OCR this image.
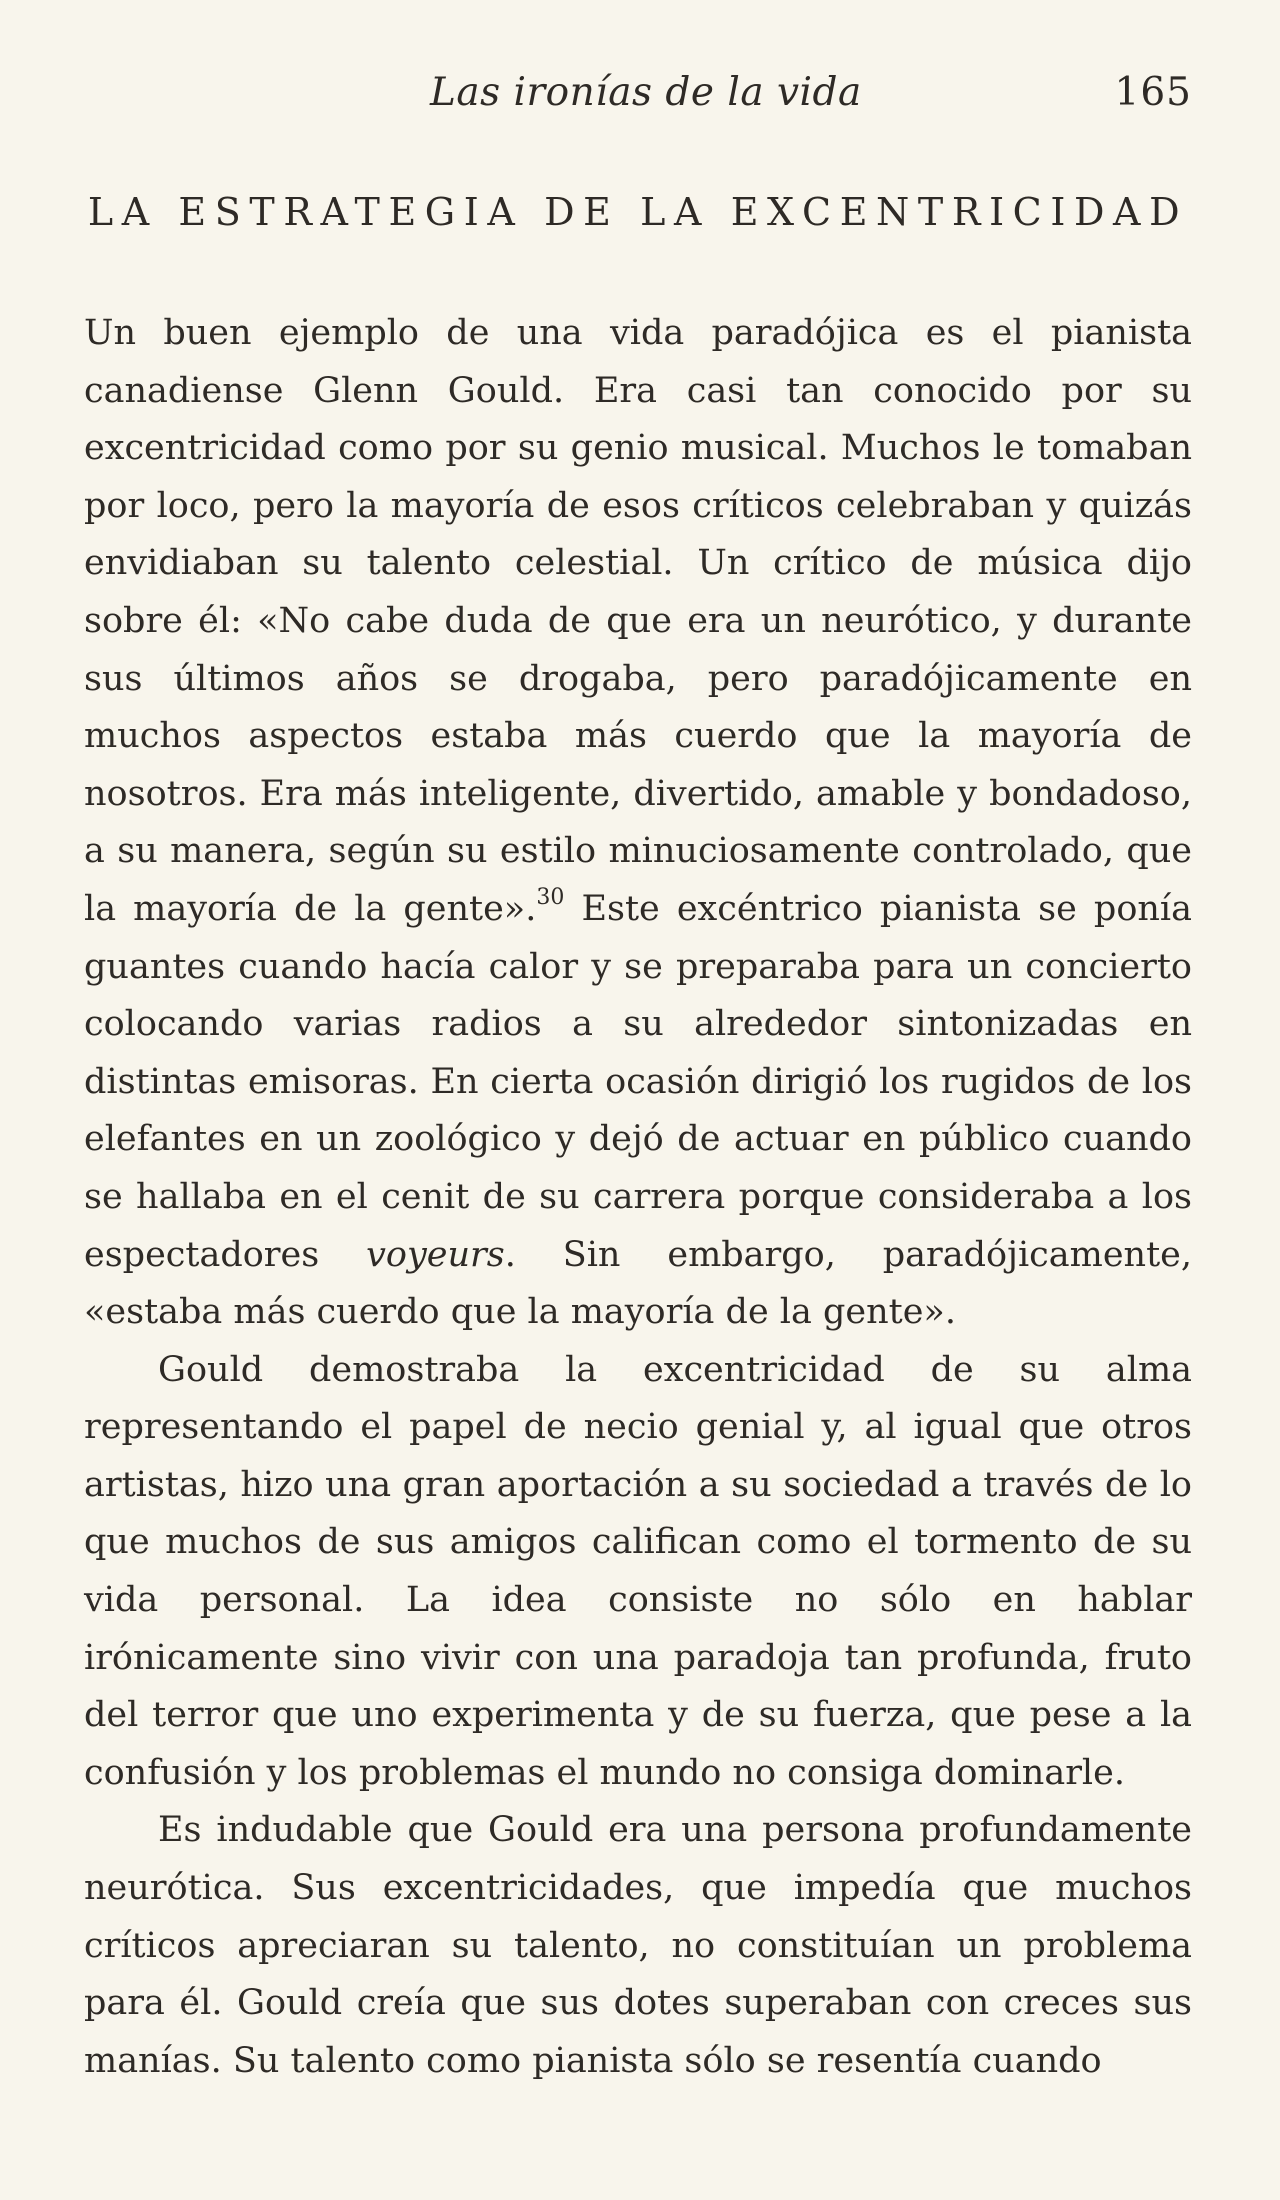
Las ironías de la vida	165
LA ESTRATEGIA DE LA EXCENTRICIDAD

Un buen ejemplo de una vida paradójica es el pianista canadiense Glenn Gould. Era casi tan conocido por su excentricidad como por su genio musical. Muchos le tomaban por loco, pero la mayoría de esos críticos celebraban y quizás envidiaban su talento celestial. Un crítico de música dijo sobre él: «No cabe duda de que era un neurótico, y durante sus últimos años se drogaba, pero paradójicamente en muchos aspectos estaba más cuerdo que la mayoría de nosotros. Era más inteligente, divertido, amable y bondadoso, a su manera, según su estilo minuciosamente controlado, que la mayoría de la gente».$^{30}$ Este excéntrico pianista se ponía guantes cuando hacía calor y se preparaba para un concierto colocando varias radios a su alrededor sintonizadas en distintas emisoras. En cierta ocasión dirigió los rugidos de los elefantes en un zoológico y dejó de actuar en público cuando se hallaba en el cenit de su carrera porque consideraba a los espectadores voyeurs. Sin embargo, paradójicamente, «estaba más cuerdo que la mayoría de la gente».

Gould demostraba la excentricidad de su alma representando el papel de necio genial y, al igual que otros artistas, hizo una gran aportación a su sociedad a través de lo que muchos de sus amigos califican como el tormento de su vida personal. La idea consiste no sólo en hablar irónicamente sino vivir con una paradoja tan profunda, fruto del terror que uno experimenta y de su fuerza, que pese a la confusión y los problemas el mundo no consiga dominarle.

Es indudable que Gould era una persona profundamente neurótica. Sus excentricidades, que impedía que muchos críticos apreciaran su talento, no constituían un problema para él. Gould creía que sus dotes superaban con creces sus manías. Su talento como pianista sólo se resentía cuando
